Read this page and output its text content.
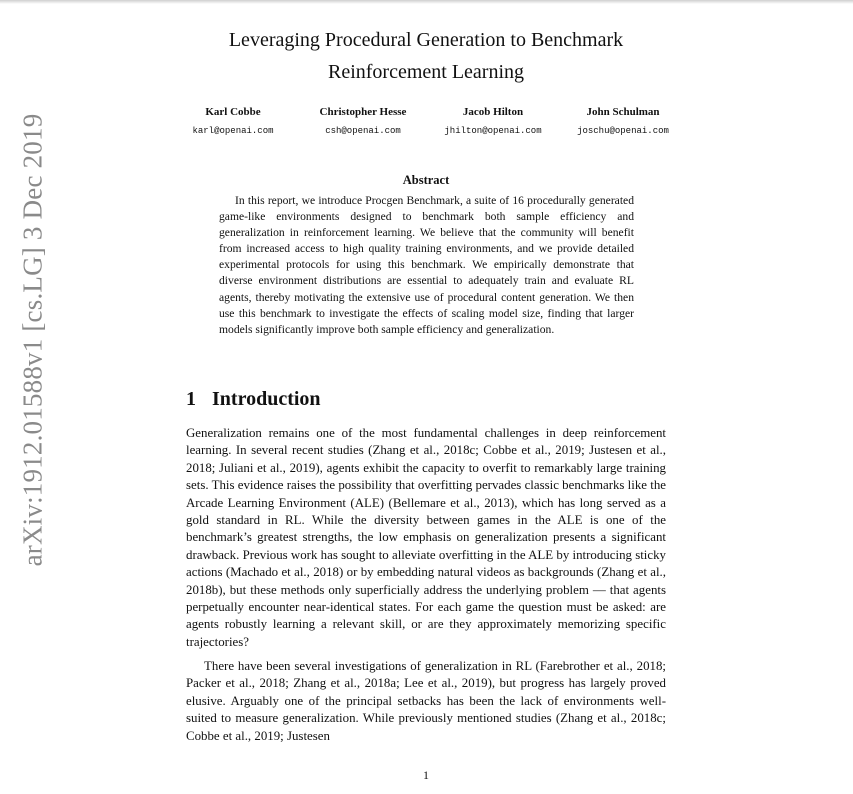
arXiv:1912.01588v1 [cs.LG] 3 Dec 2019
Leveraging Procedural Generation to Benchmark
Reinforcement Learning
Karl Cobbe
karl@openai.com
Christopher Hesse
csh@openai.com
Jacob Hilton
jhilton@openai.com
John Schulman
joschu@openai.com
Abstract
In this report, we introduce Procgen Benchmark, a suite of 16 procedurally generated game-like environments designed to benchmark both sample efficiency and generalization in reinforcement learning. We believe that the community will benefit from increased access to high quality training environments, and we provide detailed experimental protocols for using this benchmark. We empirically demonstrate that diverse environment distributions are essential to adequately train and evaluate RL agents, thereby motivating the extensive use of procedural content generation. We then use this benchmark to investigate the effects of scaling model size, finding that larger models significantly improve both sample efficiency and generalization.
1 Introduction
Generalization remains one of the most fundamental challenges in deep reinforcement learning. In several recent studies (Zhang et al., 2018c; Cobbe et al., 2019; Justesen et al., 2018; Juliani et al., 2019), agents exhibit the capacity to overfit to remarkably large training sets. This evidence raises the possibility that overfitting pervades classic benchmarks like the Arcade Learning Environment (ALE) (Bellemare et al., 2013), which has long served as a gold standard in RL. While the diversity between games in the ALE is one of the benchmark’s greatest strengths, the low emphasis on generalization presents a significant drawback. Previous work has sought to alleviate overfitting in the ALE by introducing sticky actions (Machado et al., 2018) or by embedding natural videos as backgrounds (Zhang et al., 2018b), but these methods only superficially address the underlying problem — that agents perpetually encounter near-identical states. For each game the question must be asked: are agents robustly learning a relevant skill, or are they approximately memorizing specific trajectories?
There have been several investigations of generalization in RL (Farebrother et al., 2018; Packer et al., 2018; Zhang et al., 2018a; Lee et al., 2019), but progress has largely proved elusive. Arguably one of the principal setbacks has been the lack of environments well-suited to measure generalization. While previously mentioned studies (Zhang et al., 2018c; Cobbe et al., 2019; Justesen
1
